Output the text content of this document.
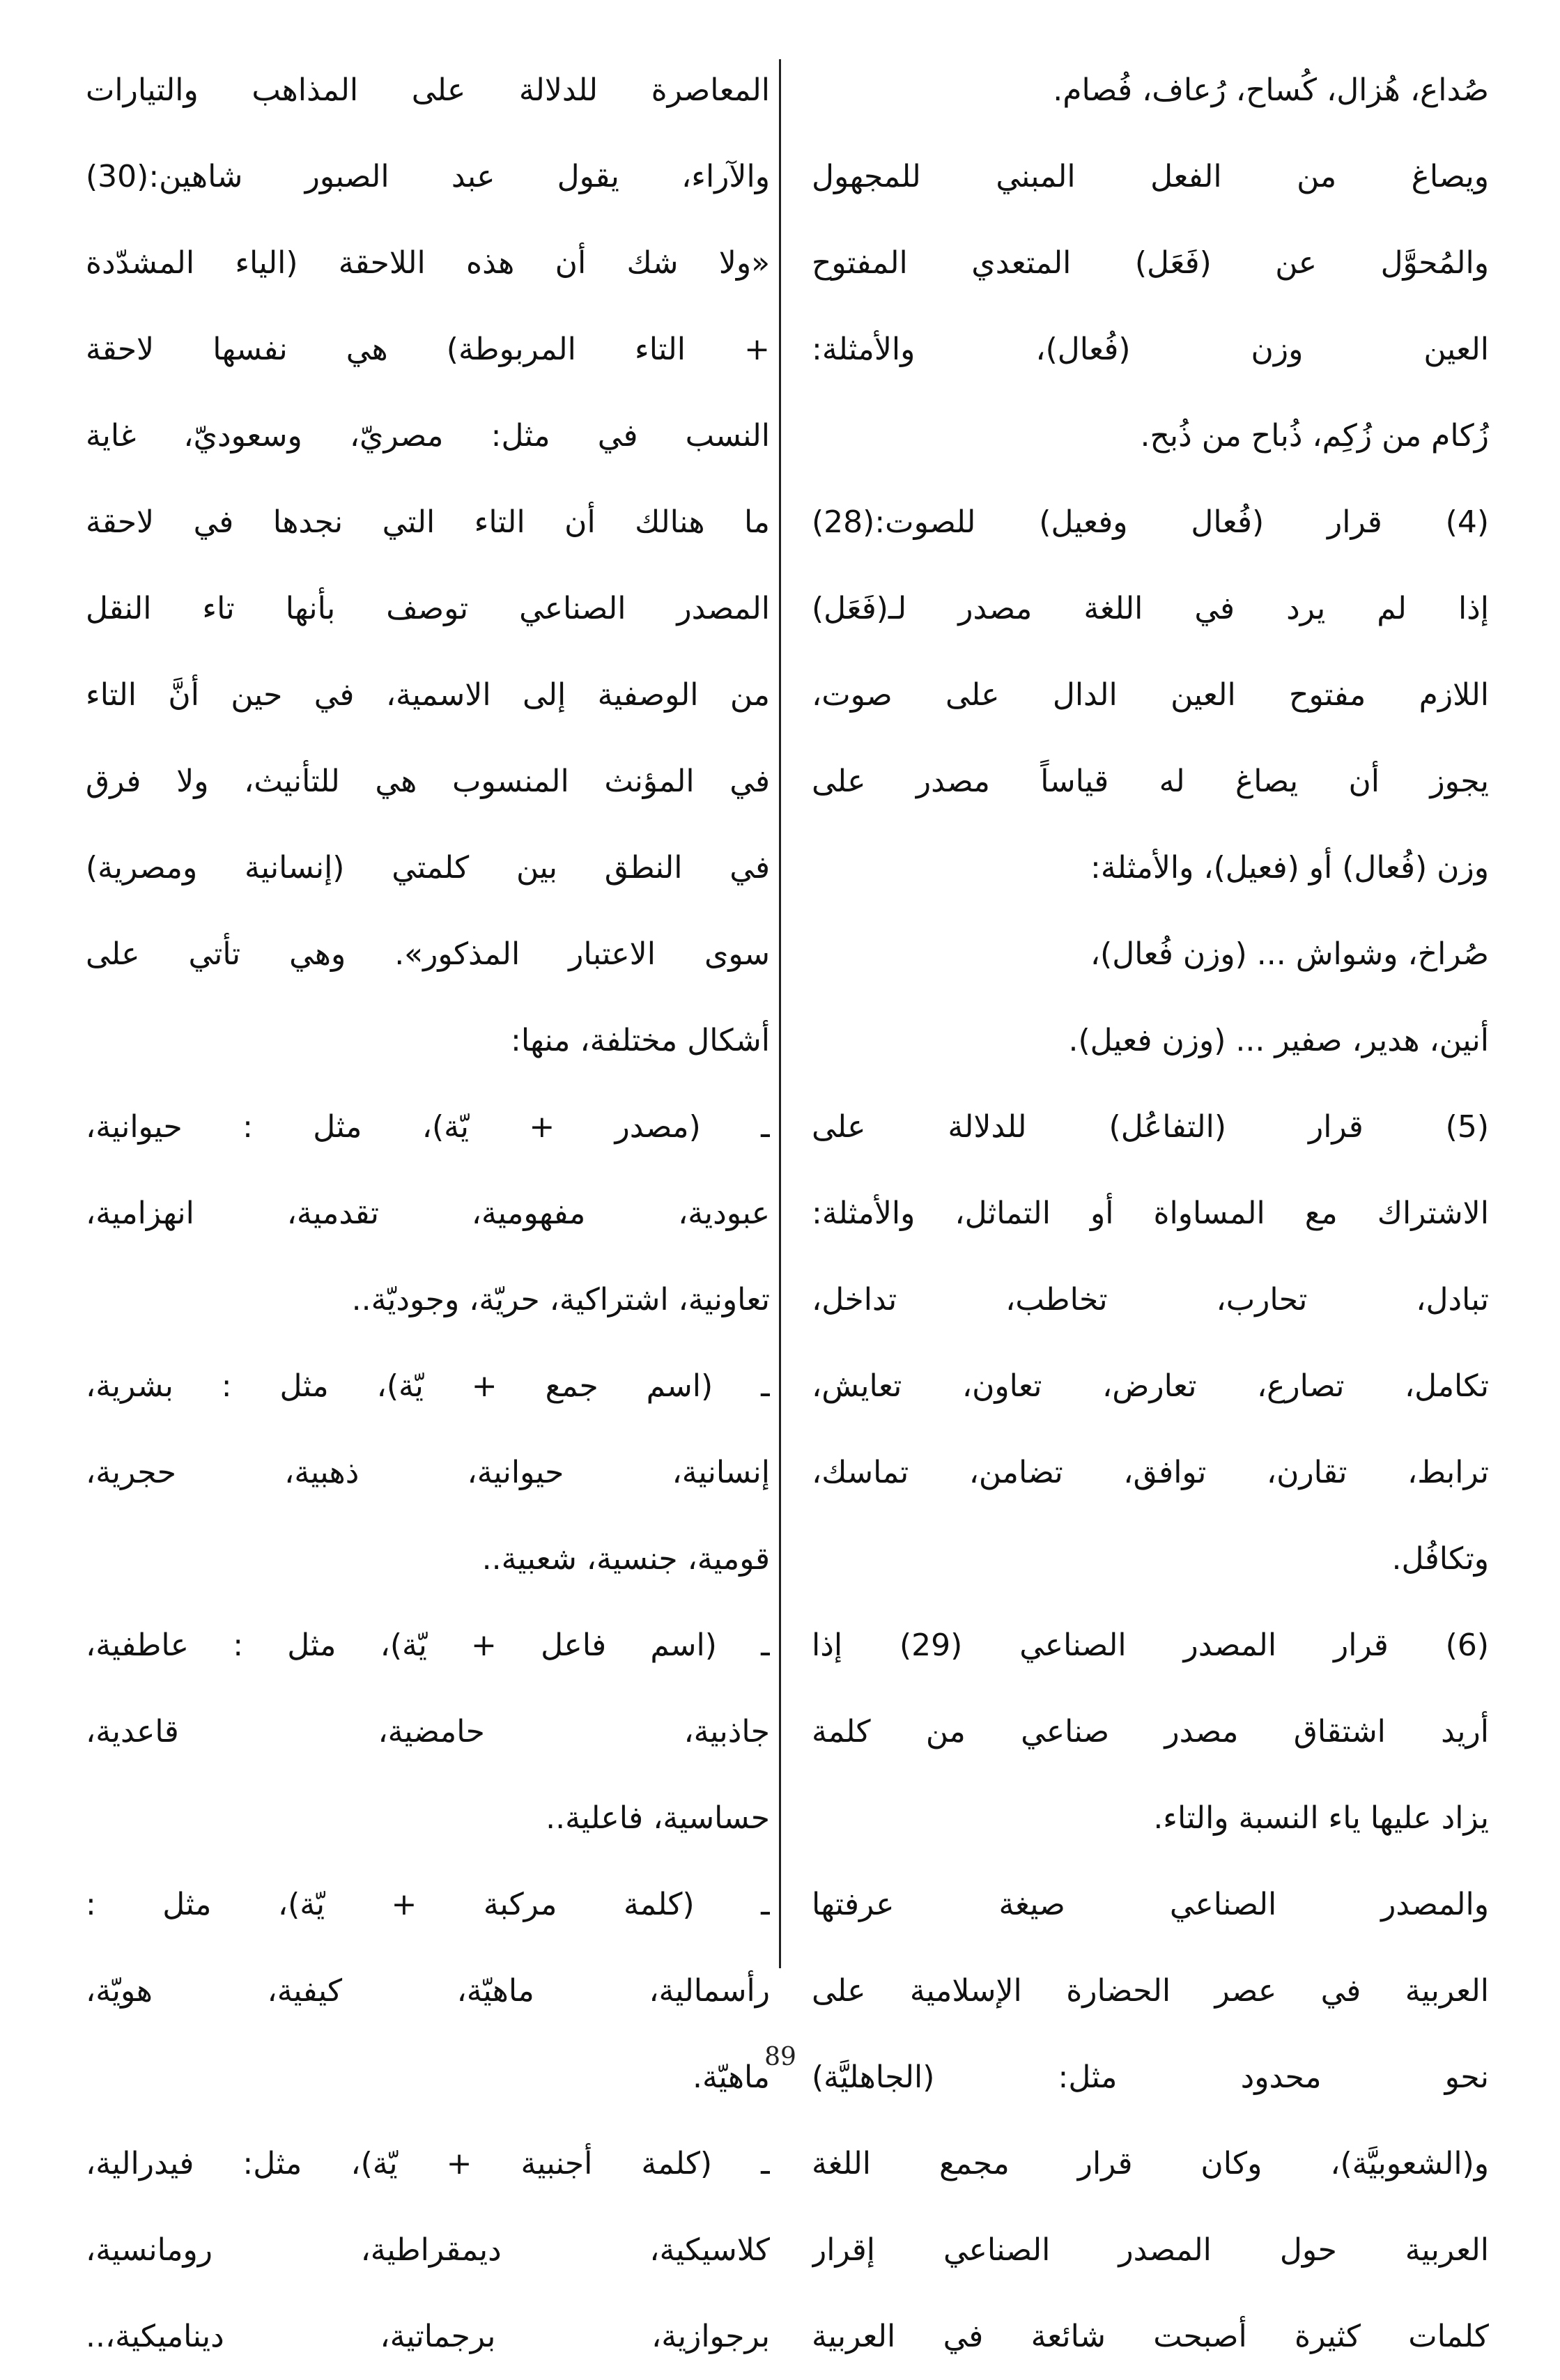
صُداع، هُزال، كُساح، رُعاف، فُصام.
ويصاغ من الفعل المبني للمجهول
والمُحوَّل عن (فَعَل) المتعدي المفتوح
العين وزن (فُعال)، والأمثلة:
زُكام من زُكِم، ذُباح من ذُبح.
(4) قرار (فُعال وفعيل) للصوت:(28)
إذا لم يرد في اللغة مصدر لـ(فَعَل)
اللازم مفتوح العين الدال على صوت،
يجوز أن يصاغ له قياساً مصدر على
وزن (فُعال) أو (فعيل)، والأمثلة:
صُراخ، وشواش ... (وزن فُعال)،
أنين، هدير، صفير ... (وزن فعيل).
(5) قرار (التفاعُل) للدلالة على
الاشتراك مع المساواة أو التماثل، والأمثلة:
تبادل، تحارب، تخاطب، تداخل،
تكامل، تصارع، تعارض، تعاون، تعايش،
ترابط، تقارن، توافق، تضامن، تماسك،
وتكافُل.
(6) قرار المصدر الصناعي (29) إذا
أريد اشتقاق مصدر صناعي من كلمة
يزاد عليها ياء النسبة والتاء.
والمصدر الصناعي صيغة عرفتها
العربية في عصر الحضارة الإسلامية على
نحو محدود مثل: (الجاهليَّة)
و(الشعوبيَّة)، وكان قرار مجمع اللغة
العربية حول المصدر الصناعي إقرار
كلمات كثيرة أصبحت شائعة في العربية
المعاصرة للدلالة على المذاهب والتيارات
والآراء، يقول عبد الصبور شاهين:(30)
«ولا شك أن هذه اللاحقة (الياء المشدّدة
+ التاء المربوطة) هي نفسها لاحقة
النسب في مثل: مصريّ، وسعوديّ، غاية
ما هنالك أن التاء التي نجدها في لاحقة
المصدر الصناعي توصف بأنها تاء النقل
من الوصفية إلى الاسمية، في حين أنَّ التاء
في المؤنث المنسوب هي للتأنيث، ولا فرق
في النطق بين كلمتي (إنسانية ومصرية)
سوى الاعتبار المذكور». وهي تأتي على
أشكال مختلفة، منها:
ـ (مصدر + يّة)، مثل : حيوانية،
عبودية، مفهومية، تقدمية، انهزامية،
تعاونية، اشتراكية، حريّة، وجوديّة..
ـ (اسم جمع + يّة)، مثل : بشرية،
إنسانية، حيوانية، ذهبية، حجرية،
قومية، جنسية، شعبية..
ـ (اسم فاعل + يّة)، مثل : عاطفية،
جاذبية، حامضية، قاعدية،
حساسية، فاعلية..
ـ (كلمة مركبة + يّة)، مثل :
رأسمالية، ماهيّة، كيفية، هويّة،
ماهيّة.
ـ (كلمة أجنبية + يّة)، مثل: فيدرالية،
كلاسيكية، ديمقراطية، رومانسية،
برجوازية، برجماتية، ديناميكية،..
89
